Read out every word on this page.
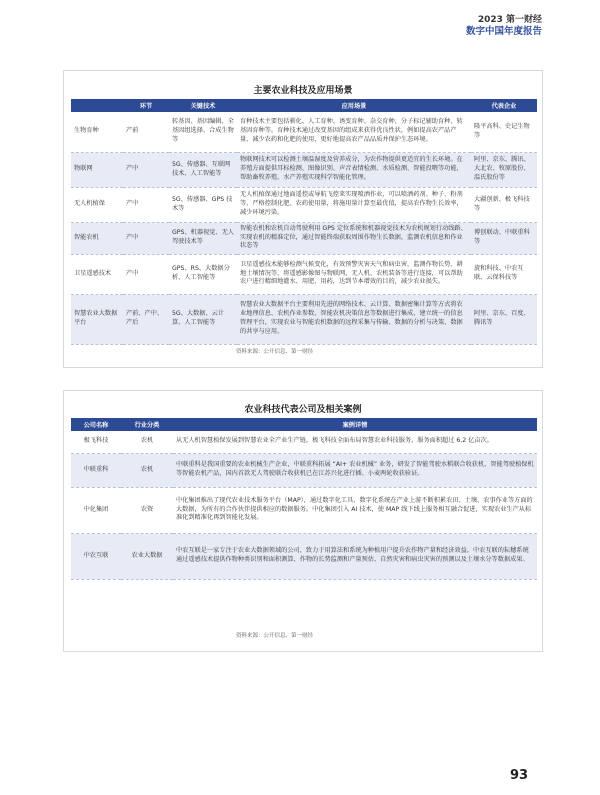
2023 第一财经
数字中国年度报告
主要农业科技及应用场景
	环节	关键技术	应用场景	代表企业
生物育种	产前	转基因、基因编辑、全基因组选择、合成生物等	育种技术主要包括驯化、人工育种、诱变育种、杂交育种、分子标记辅助育种、转基因育种等。育种技术通过改变基因的组成来获得优良性状，例如提高农产品产量、减少农药和化肥的使用，更好地提高农产品品质并保护生态环境。	隆平高科、史记生物等
物联网	产中	5G、传感器、互联网技术、人工智能等	物联网技术可以检测土壤温湿度及营养成分，为农作物提供更适宜的生长环境。在养殖方面提供耳标检测、图像识别、声音表情检测、水质检测、智能投喂等功能，帮助畜牧养殖、水产养殖实现科学智能化管理。	阿里、京东、腾讯、大北农、牧原股份、温氏股份等
无人机植保	产中	5G、传感器、GPS 技术等	无人机植保通过地面遥控或导航飞控来实现喷洒作业，可以喷洒药剂、种子、粉剂等，严格控制化肥、农药使用量，将施用量计算至最优值，提高农作物生长效率，减少环境污染。	大疆创新、极飞科技等
智能农机	产中	GPS、机器视觉、无人驾驶技术等	智能农机和农机自动驾驶利用 GPS 定位系统和机器视觉技术为农机规划行动线路、实现农机的精准定位，通过智能终端获取周围作物生长数据，监测农机信息和作业状态等	博创联动、中联重科等
卫星遥感技术	产中	GPS、RS、大数据分析、人工智能等	卫星遥感技术能够检测气候变化，有效预警灾害天气和病虫害，监测作物长势、耕地土壤情况等，将遥感影像图与物联网、无人机、农机装备等进行连接，可以帮助农户进行精细地灌水、用肥、用药，达到节本增效的目的，减少农业损失。	旋和科技、中农互联、云保科技等
智慧农业大数据平台	产前、产中、产后	5G、大数据、云计算、人工智能等	智慧农业大数据平台主要利用先进的网络技术、云计算、数据密集计算等方式将农业地理信息、农机作业参数、智能农机决策信息等数据进行集成，建立统一的信息管理平台，实现农业与智能农机数据的远程采集与传输、数据的分析与决策、数据的共享与应用。	阿里、京东、百度、腾讯等
资料来源：公开信息、第一财经
农业科技代表公司及相关案例
公司名称	行业分类	案例详情
极飞科技	农机	从无人机智慧植保发展到智慧农业全产业生产链，极飞科技全面布局智慧农业科技服务，服务面积超过 6.2 亿亩次。
中联重科	农机	中联重科是我国重要的农业机械生产企业，中联重科拓展 “AI+ 农业机械” 业务，研发了智能驾驶水稻联合收获机、智能驾驶植保机等智能农机产品，国内首款无人驾驶联合收获机已在江苏兴化进行插、小麦两轮收获验证。
中化集团	农资	中化集团推出了现代农业技术服务平台（MAP），通过数字化工具、数字化系统在产业上游不断积累农田、土壤、农事作业等方面的大数据，为所有的合作伙伴提供相应的数据服务。中化集团引入 AI 技术，使 MAP 线下线上服务相互融合促进，实现农业生产从标准化到精准化再到智能化发展。
中农互联	农业大数据	中农互联是一家专注于农业大数据领域的公司，致力于用算法和系统为种植用户提升农作物产量和经济效益。中农互联的耘穗系统通过遥感技术提供作物种类识别和面积测算、作物的长势监测和产量预估、自然灾害和病虫灾害的预测以及土壤水分等数据成果。
资料来源：公开信息、第一财经
93
